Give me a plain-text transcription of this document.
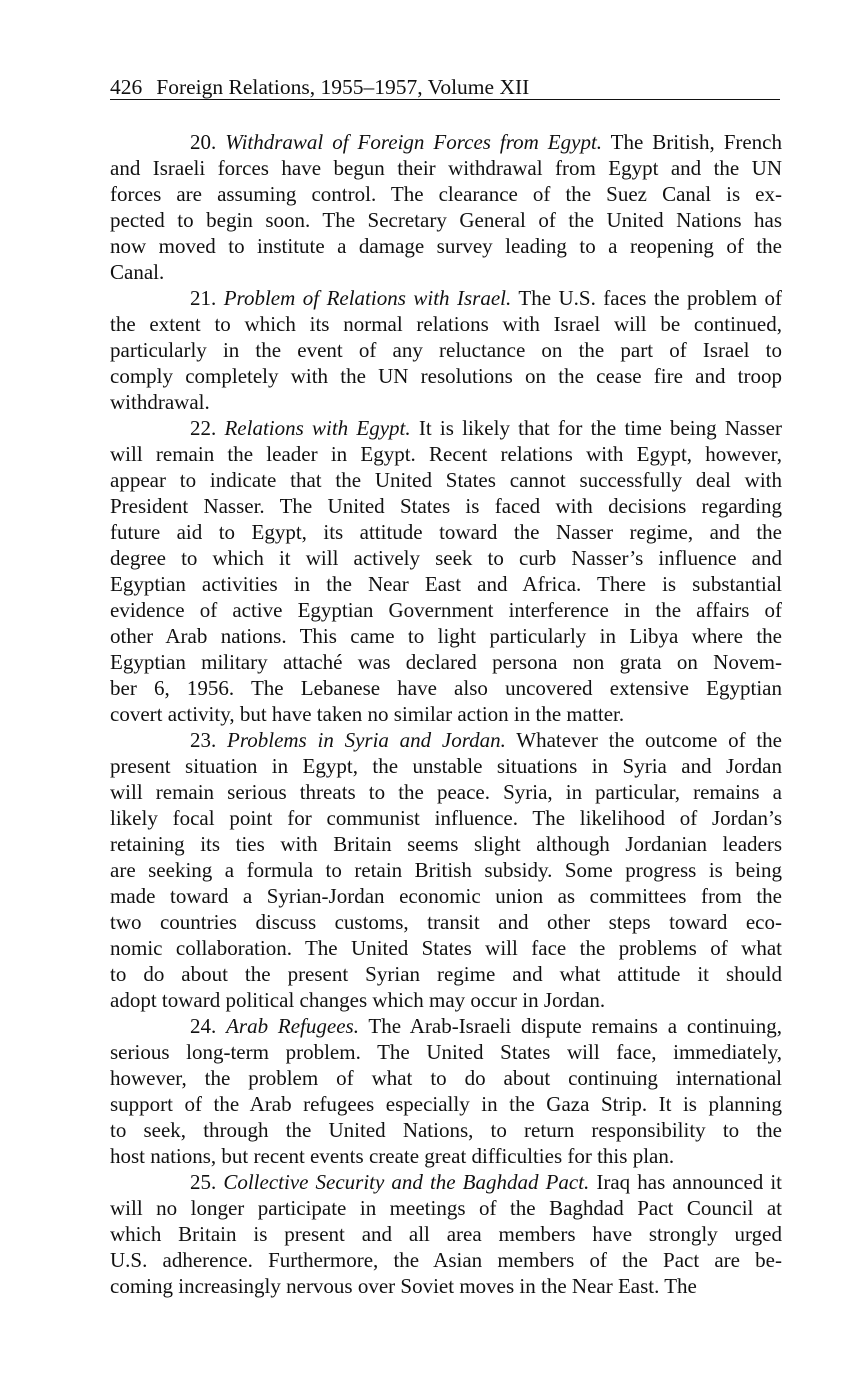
426 Foreign Relations, 1955–1957, Volume XII
20. Withdrawal of Foreign Forces from Egypt. The British, French
and Israeli forces have begun their withdrawal from Egypt and the UN
forces are assuming control. The clearance of the Suez Canal is ex-
pected to begin soon. The Secretary General of the United Nations has
now moved to institute a damage survey leading to a reopening of the
Canal.
21. Problem of Relations with Israel. The U.S. faces the problem of
the extent to which its normal relations with Israel will be continued,
particularly in the event of any reluctance on the part of Israel to
comply completely with the UN resolutions on the cease fire and troop
withdrawal.
22. Relations with Egypt. It is likely that for the time being Nasser
will remain the leader in Egypt. Recent relations with Egypt, however,
appear to indicate that the United States cannot successfully deal with
President Nasser. The United States is faced with decisions regarding
future aid to Egypt, its attitude toward the Nasser regime, and the
degree to which it will actively seek to curb Nasser’s influence and
Egyptian activities in the Near East and Africa. There is substantial
evidence of active Egyptian Government interference in the affairs of
other Arab nations. This came to light particularly in Libya where the
Egyptian military attaché was declared persona non grata on Novem-
ber 6, 1956. The Lebanese have also uncovered extensive Egyptian
covert activity, but have taken no similar action in the matter.
23. Problems in Syria and Jordan. Whatever the outcome of the
present situation in Egypt, the unstable situations in Syria and Jordan
will remain serious threats to the peace. Syria, in particular, remains a
likely focal point for communist influence. The likelihood of Jordan’s
retaining its ties with Britain seems slight although Jordanian leaders
are seeking a formula to retain British subsidy. Some progress is being
made toward a Syrian-Jordan economic union as committees from the
two countries discuss customs, transit and other steps toward eco-
nomic collaboration. The United States will face the problems of what
to do about the present Syrian regime and what attitude it should
adopt toward political changes which may occur in Jordan.
24. Arab Refugees. The Arab-Israeli dispute remains a continuing,
serious long-term problem. The United States will face, immediately,
however, the problem of what to do about continuing international
support of the Arab refugees especially in the Gaza Strip. It is planning
to seek, through the United Nations, to return responsibility to the
host nations, but recent events create great difficulties for this plan.
25. Collective Security and the Baghdad Pact. Iraq has announced it
will no longer participate in meetings of the Baghdad Pact Council at
which Britain is present and all area members have strongly urged
U.S. adherence. Furthermore, the Asian members of the Pact are be-
coming increasingly nervous over Soviet moves in the Near East. The
